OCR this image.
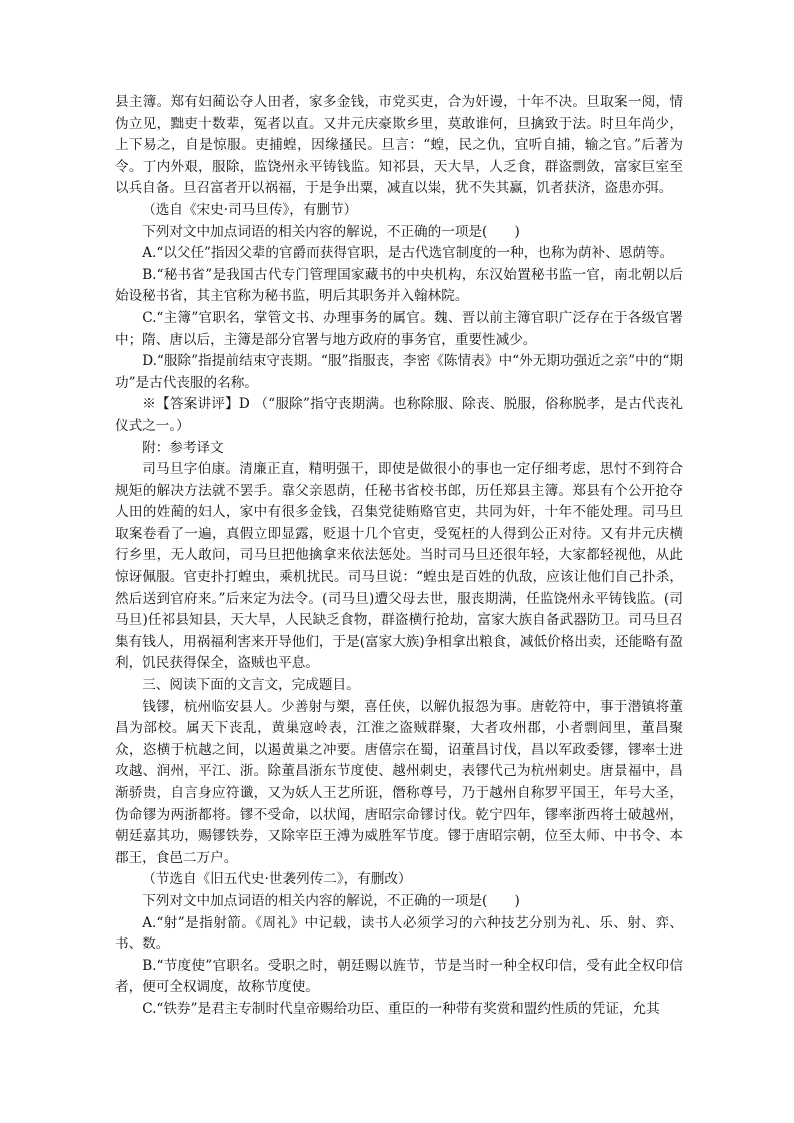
县主簿。郑有妇蔺讼夺人田者，家多金钱，市党买吏，合为奸谩，十年不决。旦取案一阅，情伪立见，黜吏十数辈，冤者以直。又井元庆豪欺乡里，莫敢谁何，旦擒致于法。时旦年尚少，上下易之，自是惊服。吏捕蝗，因缘搔民。旦言：“蝗，民之仇，宜听自捕，输之官。”后著为令。丁内外艰，服除，监饶州永平铸钱监。知祁县，天大旱，人乏食，群盗剽敛，富家巨室至以兵自备。旦召富者开以祸福，于是争出粟，减直以粜，犹不失其赢，饥者获济，盗患亦弭。

（选自《宋史·司马旦传》，有删节）

下列对文中加点词语的相关内容的解说，不正确的一项是(　　)

A.“以父任”指因父辈的官爵而获得官职，是古代选官制度的一种，也称为荫补、恩荫等。

B.“秘书省”是我国古代专门管理国家藏书的中央机构，东汉始置秘书监一官，南北朝以后始设秘书省，其主官称为秘书监，明后其职务并入翰林院。

C.“主簿”官职名，掌管文书、办理事务的属官。魏、晋以前主簿官职广泛存在于各级官署中；隋、唐以后，主簿是部分官署与地方政府的事务官，重要性减少。

D.“服除”指提前结束守丧期。“服”指服丧，李密《陈情表》中“外无期功强近之亲”中的“期功”是古代丧服的名称。

※【答案讲评】D （“服除”指守丧期满。也称除服、除丧、脱服，俗称脱孝，是古代丧礼仪式之一。）

附：参考译文

司马旦字伯康。清廉正直，精明强干，即使是做很小的事也一定仔细考虑，思忖不到符合规矩的解决方法就不罢手。靠父亲恩荫，任秘书省校书郎，历任郑县主簿。郑县有个公开抢夺人田的姓蔺的妇人，家中有很多金钱，召集党徒贿赂官吏，共同为奸，十年不能处理。司马旦取案卷看了一遍，真假立即显露，贬退十几个官吏，受冤枉的人得到公正对待。又有井元庆横行乡里，无人敢问，司马旦把他擒拿来依法惩处。当时司马旦还很年轻，大家都轻视他，从此惊讶佩服。官吏扑打蝗虫，乘机扰民。司马旦说：“蝗虫是百姓的仇敌，应该让他们自己扑杀，然后送到官府来。”后来定为法令。(司马旦)遭父母去世，服丧期满，任监饶州永平铸钱监。(司马旦)任祁县知县，天大旱，人民缺乏食物，群盗横行抢劫，富家大族自备武器防卫。司马旦召集有钱人，用祸福利害来开导他们，于是(富家大族)争相拿出粮食，减低价格出卖，还能略有盈利，饥民获得保全，盗贼也平息。

三、阅读下面的文言文，完成题目。

钱镠，杭州临安县人。少善射与槊，喜任侠，以解仇报怨为事。唐乾符中，事于潜镇将董昌为部校。属天下丧乱，黄巢寇岭表，江淮之盗贼群聚，大者攻州郡，小者剽闾里，董昌聚众，恣横于杭越之间，以遏黄巢之冲要。唐僖宗在蜀，诏董昌讨伐，昌以军政委镠，镠率士进攻越、润州，平江、浙。除董昌浙东节度使、越州刺史，表镠代己为杭州刺史。唐景福中，昌渐骄贵，自言身应符谶，又为妖人王艺所诳，僭称尊号，乃于越州自称罗平国王，年号大圣，伪命镠为两浙都将。镠不受命，以状闻，唐昭宗命镠讨伐。乾宁四年，镠率浙西将士破越州，朝廷嘉其功，赐镠铁券，又除宰臣王溥为威胜军节度。镠于唐昭宗朝，位至太师、中书令、本郡王，食邑二万户。

（节选自《旧五代史·世袭列传二》，有删改）

下列对文中加点词语的相关内容的解说，不正确的一项是(　　)

A.“射”是指射箭。《周礼》中记载，读书人必须学习的六种技艺分别为礼、乐、射、弈、书、数。

B.“节度使”官职名。受职之时，朝廷赐以旌节，节是当时一种全权印信，受有此全权印信者，便可全权调度，故称节度使。

C.“铁券”是君主专制时代皇帝赐给功臣、重臣的一种带有奖赏和盟约性质的凭证，允其
